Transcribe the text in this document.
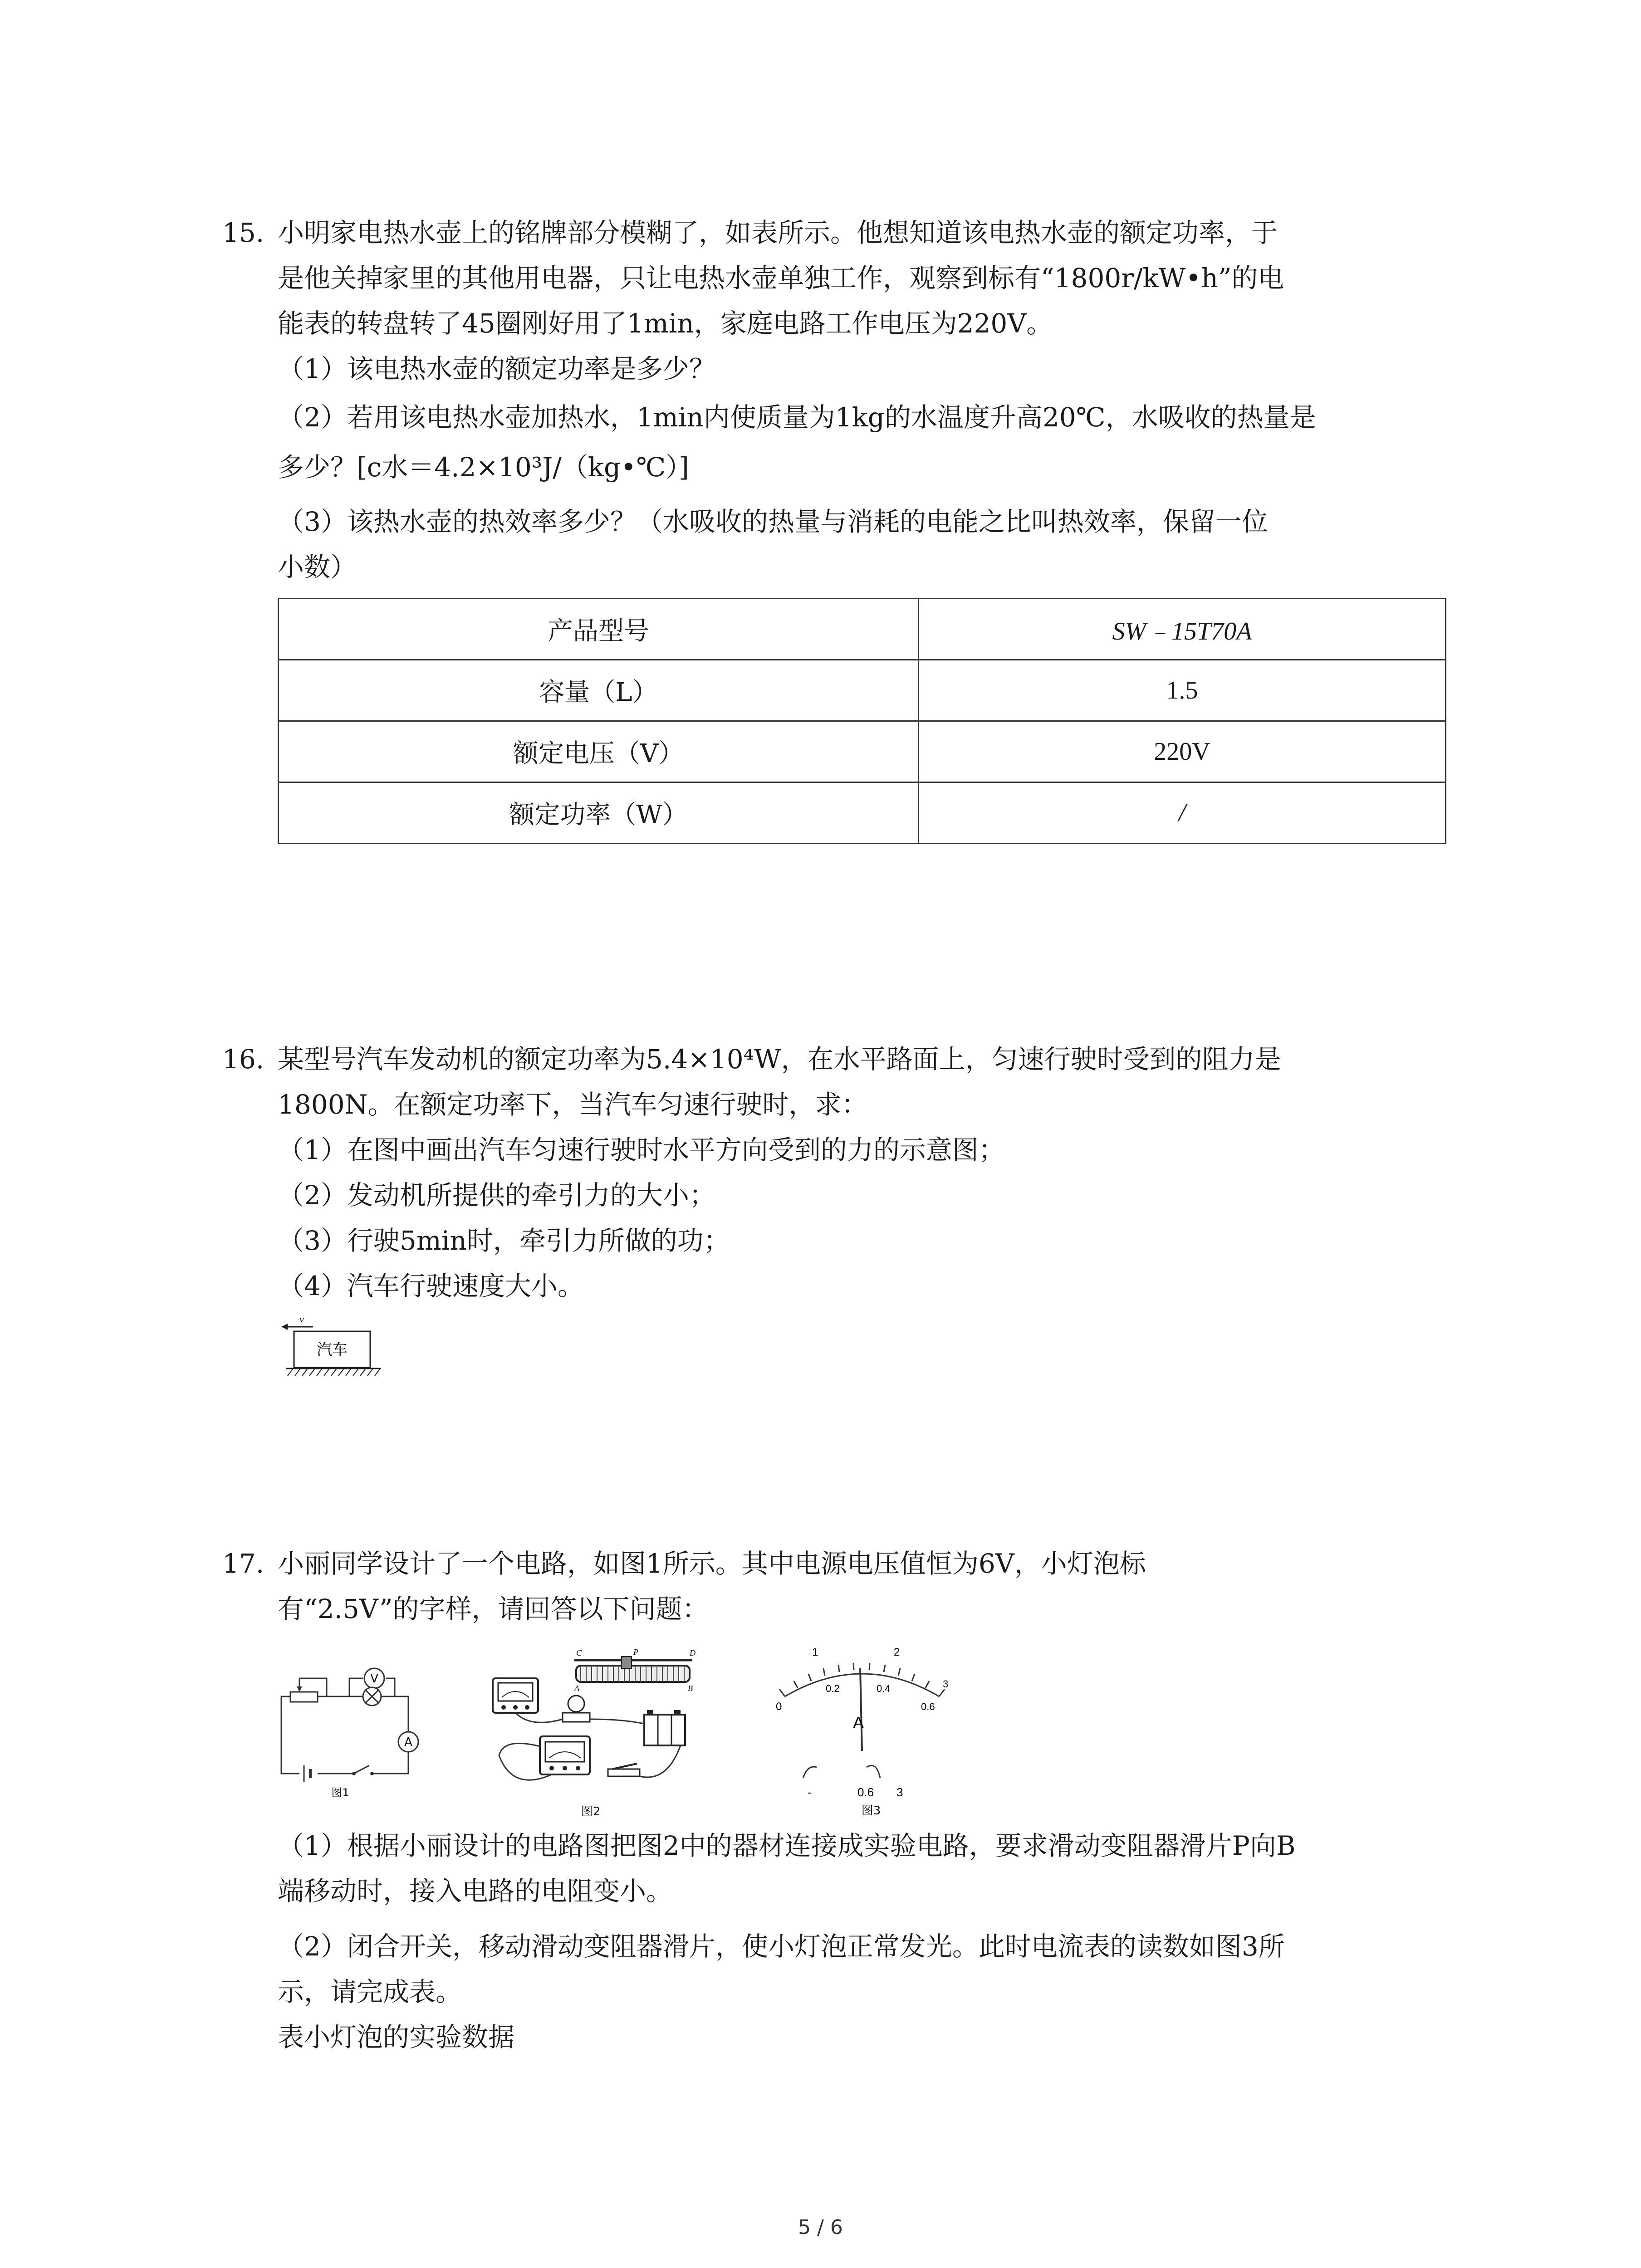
15. 小明家电热水壶上的铭牌部分模糊了，如表所示。他想知道该电热水壶的额定功率，于
是他关掉家里的其他用电器，只让电热水壶单独工作，观察到标有“1800r/kW•h”的电
能表的转盘转了45圈刚好用了1min，家庭电路工作电压为220V。
（1）该电热水壶的额定功率是多少？
（2）若用该电热水壶加热水，1min内使质量为1kg的水温度升高20℃，水吸收的热量是
多少？[c水＝4.2×10³J/（kg•℃）]
（3）该热水壶的热效率多少？（水吸收的热量与消耗的电能之比叫热效率，保留一位
小数）
产品型号	SW﹣15T70A
容量（L）	1.5
额定电压（V）	220V
额定功率（W）	/
16. 某型号汽车发动机的额定功率为5.4×10⁴W，在水平路面上，匀速行驶时受到的阻力是
1800N。在额定功率下，当汽车匀速行驶时，求：
（1）在图中画出汽车匀速行驶时水平方向受到的力的示意图；
（2）发动机所提供的牵引力的大小；
（3）行驶5min时，牵引力所做的功；
（4）汽车行驶速度大小。
v
汽车
17. 小丽同学设计了一个电路，如图1所示。其中电源电压值恒为6V，小灯泡标
有“2.5V”的字样，请回答以下问题：
V
A
图1
C	D
A	B
P
图2
1	2
0
0.2	0.4
0.6
3
A
-	0.6 3
图3
（1）根据小丽设计的电路图把图2中的器材连接成实验电路，要求滑动变阻器滑片P向B
端移动时，接入电路的电阻变小。
（2）闭合开关，移动滑动变阻器滑片，使小灯泡正常发光。此时电流表的读数如图3所
示，请完成表。
表小灯泡的实验数据
5 / 6
